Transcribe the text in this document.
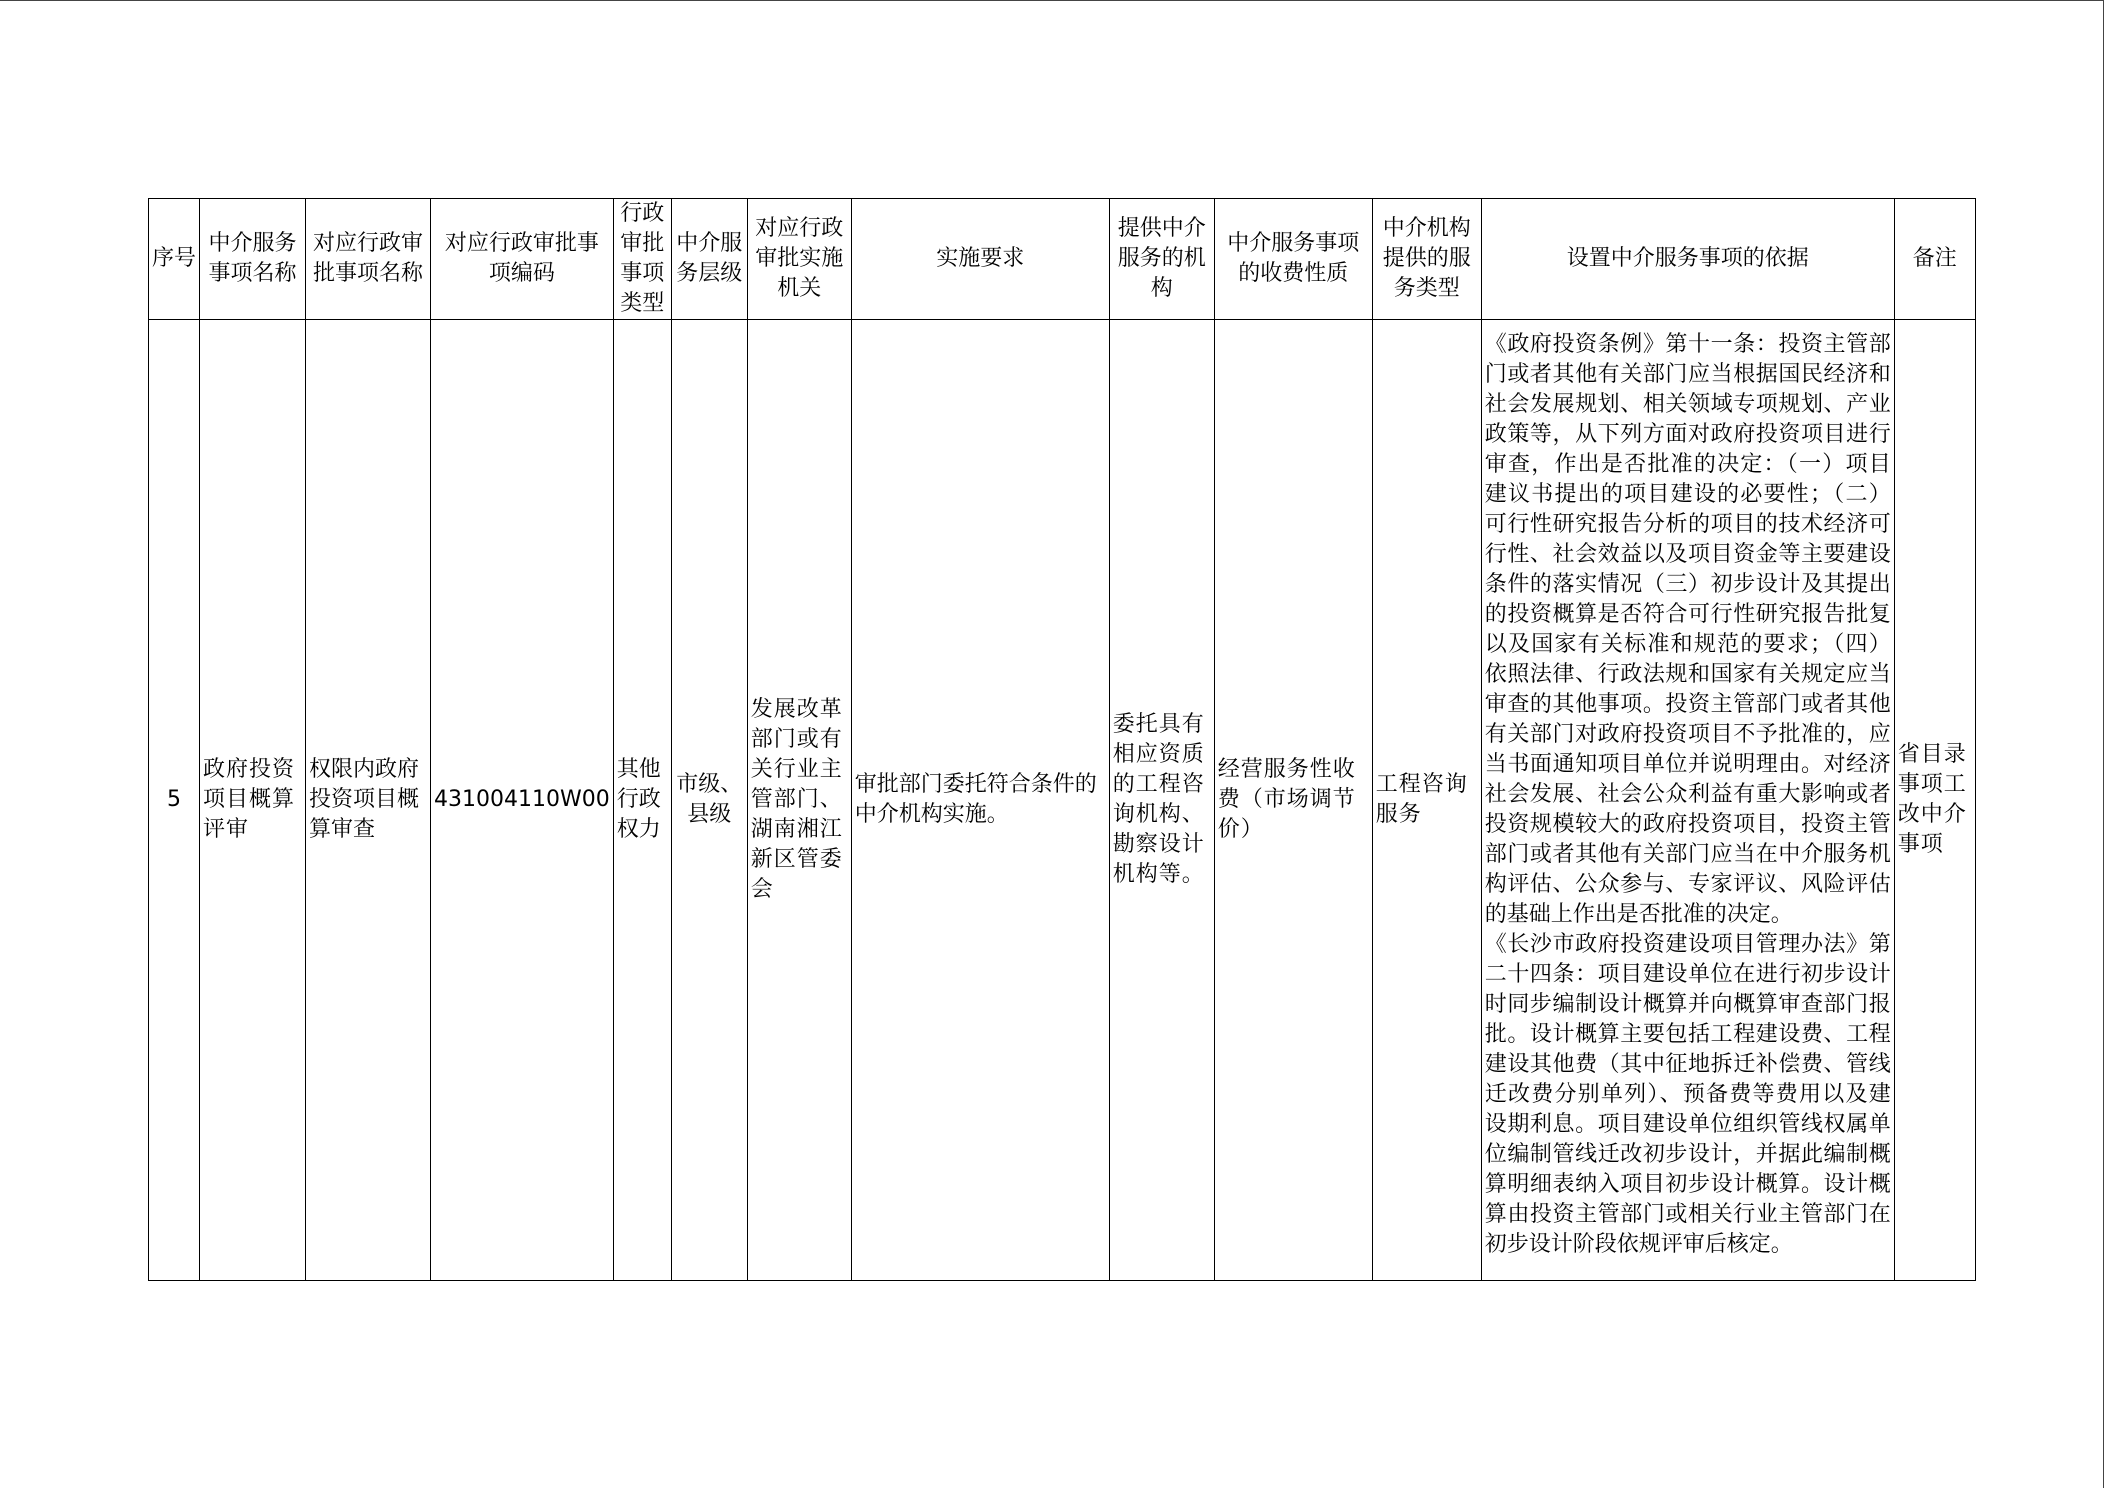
序号	中介服务事项名称	对应行政审批事项名称	对应行政审批事项编码	行政审批事项类型	中介服务层级	对应行政审批实施机关	实施要求	提供中介服务的机构	中介服务事项的收费性质	中介机构提供的服务类型	设置中介服务事项的依据	备注
5	政府投资项目概算评审	权限内政府投资项目概算审查	431004110W00	其他行政权力	市级、县级	发展改革部门或有关行业主管部门、湖南湘江新区管委会	审批部门委托符合条件的中介机构实施。	委托具有相应资质的工程咨询机构、勘察设计机构等。	经营服务性收费（市场调节价）	工程咨询服务	《政府投资条例》第十一条：投资主管部门或者其他有关部门应当根据国民经济和社会发展规划、相关领域专项规划、产业政策等，从下列方面对政府投资项目进行审查，作出是否批准的决定：（一）项目建议书提出的项目建设的必要性；（二）可行性研究报告分析的项目的技术经济可行性、社会效益以及项目资金等主要建设条件的落实情况（三）初步设计及其提出的投资概算是否符合可行性研究报告批复以及国家有关标准和规范的要求；（四）依照法律、行政法规和国家有关规定应当审查的其他事项。投资主管部门或者其他有关部门对政府投资项目不予批准的，应当书面通知项目单位并说明理由。对经济社会发展、社会公众利益有重大影响或者投资规模较大的政府投资项目，投资主管部门或者其他有关部门应当在中介服务机构评估、公众参与、专家评议、风险评估的基础上作出是否批准的决定。

《长沙市政府投资建设项目管理办法》第二十四条：项目建设单位在进行初步设计时同步编制设计概算并向概算审查部门报批。设计概算主要包括工程建设费、工程建设其他费（其中征地拆迁补偿费、管线迁改费分别单列）、预备费等费用以及建设期利息。项目建设单位组织管线权属单位编制管线迁改初步设计，并据此编制概算明细表纳入项目初步设计概算。设计概算由投资主管部门或相关行业主管部门在初步设计阶段依规评审后核定。	省目录事项工改中介事项
